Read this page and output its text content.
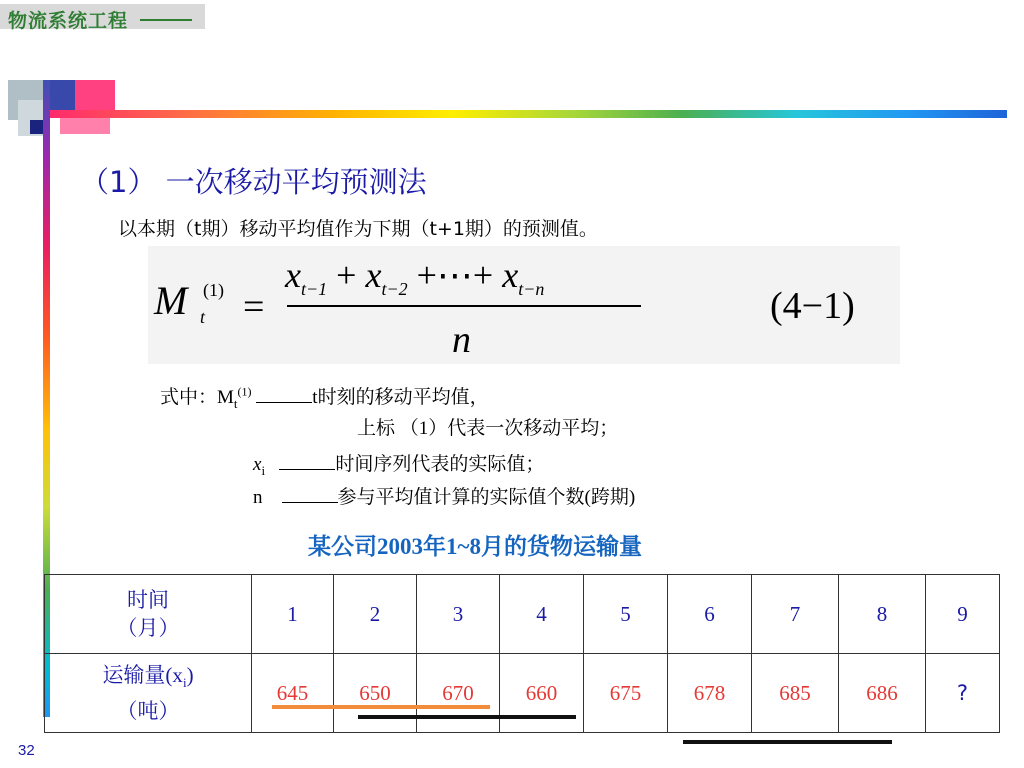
物流系统工程
（1） 一次移动平均预测法
以本期（t期）移动平均值作为下期（t+1期）的预测值。
M (1)
t =
$x_{t-1} + x_{t-2}$ +⋯+ $x_{t-n}$
n
(4−1)
式中：$M_t^{(1)}$	t时刻的移动平均值，
上标 （1）代表一次移动平均；
$x_i$	时间序列代表的实际值；
n	参与平均值计算的实际值个数(跨期)
某公司2003年1~8月的货物运输量
时间
（月）	1	2	3	4	5	6	7	8	9

运输量$(x_i)$
（吨）	645	650	670	660	675	678	685	686	?
32
